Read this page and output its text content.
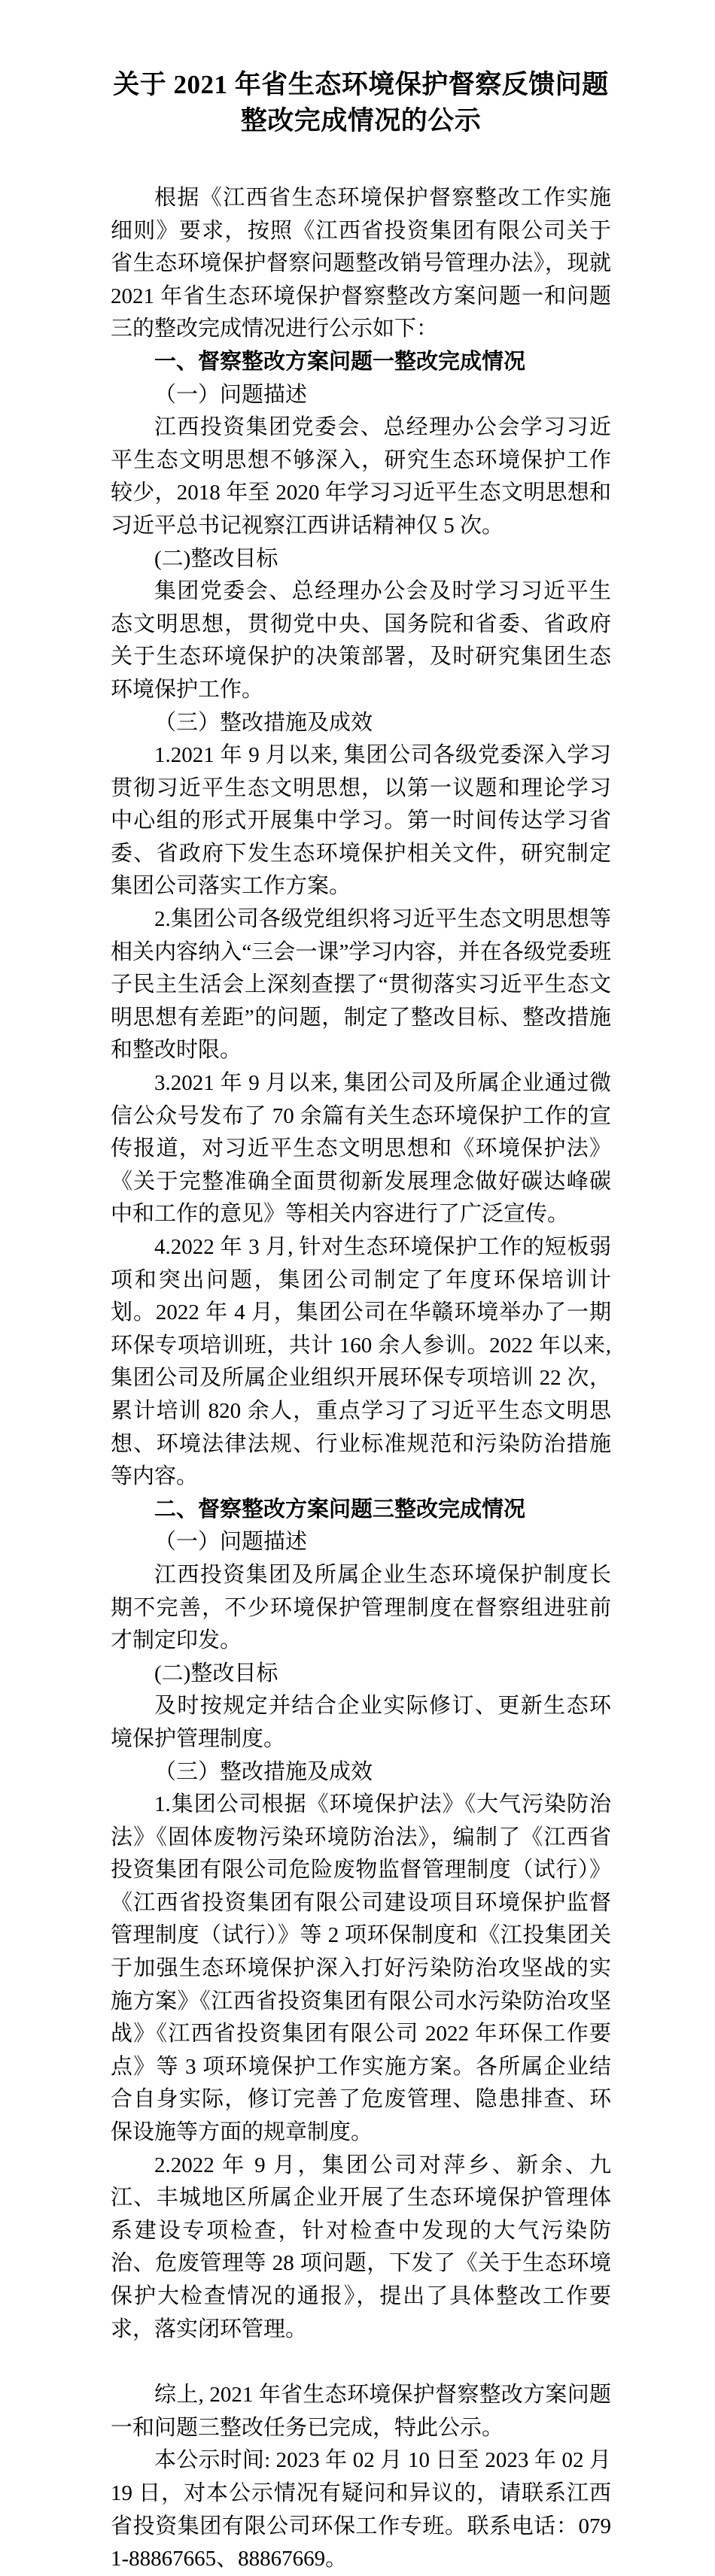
关于 2021 年省生态环境保护督察反馈问题
整改完成情况的公示

根据《江西省生态环境保护督察整改工作实施细则》要求，按照《江西省投资集团有限公司关于省生态环境保护督察问题整改销号管理办法》，现就 2021 年省生态环境保护督察整改方案问题一和问题三的整改完成情况进行公示如下：

一、督察整改方案问题一整改完成情况
（一）问题描述

江西投资集团党委会、总经理办公会学习习近平生态文明思想不够深入，研究生态环境保护工作较少，2018 年至 2020 年学习习近平生态文明思想和习近平总书记视察江西讲话精神仅 5 次。

(二)整改目标

集团党委会、总经理办公会及时学习习近平生态文明思想，贯彻党中央、国务院和省委、省政府关于生态环境保护的决策部署，及时研究集团生态环境保护工作。

（三）整改措施及成效

1.2021 年 9 月以来, 集团公司各级党委深入学习贯彻习近平生态文明思想，以第一议题和理论学习中心组的形式开展集中学习。第一时间传达学习省委、省政府下发生态环境保护相关文件，研究制定集团公司落实工作方案。

2.集团公司各级党组织将习近平生态文明思想等相关内容纳入“三会一课”学习内容，并在各级党委班子民主生活会上深刻查摆了“贯彻落实习近平生态文明思想有差距”的问题，制定了整改目标、整改措施和整改时限。

3.2021 年 9 月以来, 集团公司及所属企业通过微信公众号发布了 70 余篇有关生态环境保护工作的宣传报道，对习近平生态文明思想和《环境保护法》《关于完整准确全面贯彻新发展理念做好碳达峰碳中和工作的意见》等相关内容进行了广泛宣传。

4.2022 年 3 月, 针对生态环境保护工作的短板弱项和突出问题，集团公司制定了年度环保培训计划。2022 年 4 月，集团公司在华赣环境举办了一期环保专项培训班，共计 160 余人参训。2022 年以来, 集团公司及所属企业组织开展环保专项培训 22 次，累计培训 820 余人，重点学习了习近平生态文明思想、环境法律法规、行业标准规范和污染防治措施等内容。

二、督察整改方案问题三整改完成情况
（一）问题描述

江西投资集团及所属企业生态环境保护制度长期不完善，不少环境保护管理制度在督察组进驻前才制定印发。

(二)整改目标

及时按规定并结合企业实际修订、更新生态环境保护管理制度。

（三）整改措施及成效

1.集团公司根据《环境保护法》《大气污染防治法》《固体废物污染环境防治法》，编制了《江西省投资集团有限公司危险废物监督管理制度（试行）》《江西省投资集团有限公司建设项目环境保护监督管理制度（试行）》等 2 项环保制度和《江投集团关于加强生态环境保护深入打好污染防治攻坚战的实施方案》《江西省投资集团有限公司水污染防治攻坚战》《江西省投资集团有限公司 2022 年环保工作要点》等 3 项环境保护工作实施方案。各所属企业结合自身实际，修订完善了危废管理、隐患排查、环保设施等方面的规章制度。

2.2022 年 9 月，集团公司对萍乡、新余、九江、丰城地区所属企业开展了生态环境保护管理体系建设专项检查，针对检查中发现的大气污染防治、危废管理等 28 项问题，下发了《关于生态环境保护大检查情况的通报》，提出了具体整改工作要求，落实闭环管理。

综上, 2021 年省生态环境保护督察整改方案问题一和问题三整改任务已完成，特此公示。

本公示时间: 2023 年 02 月 10 日至 2023 年 02 月 19 日，对本公示情况有疑问和异议的，请联系江西省投资集团有限公司环保工作专班。联系电话：0791-88867665、88867669。
